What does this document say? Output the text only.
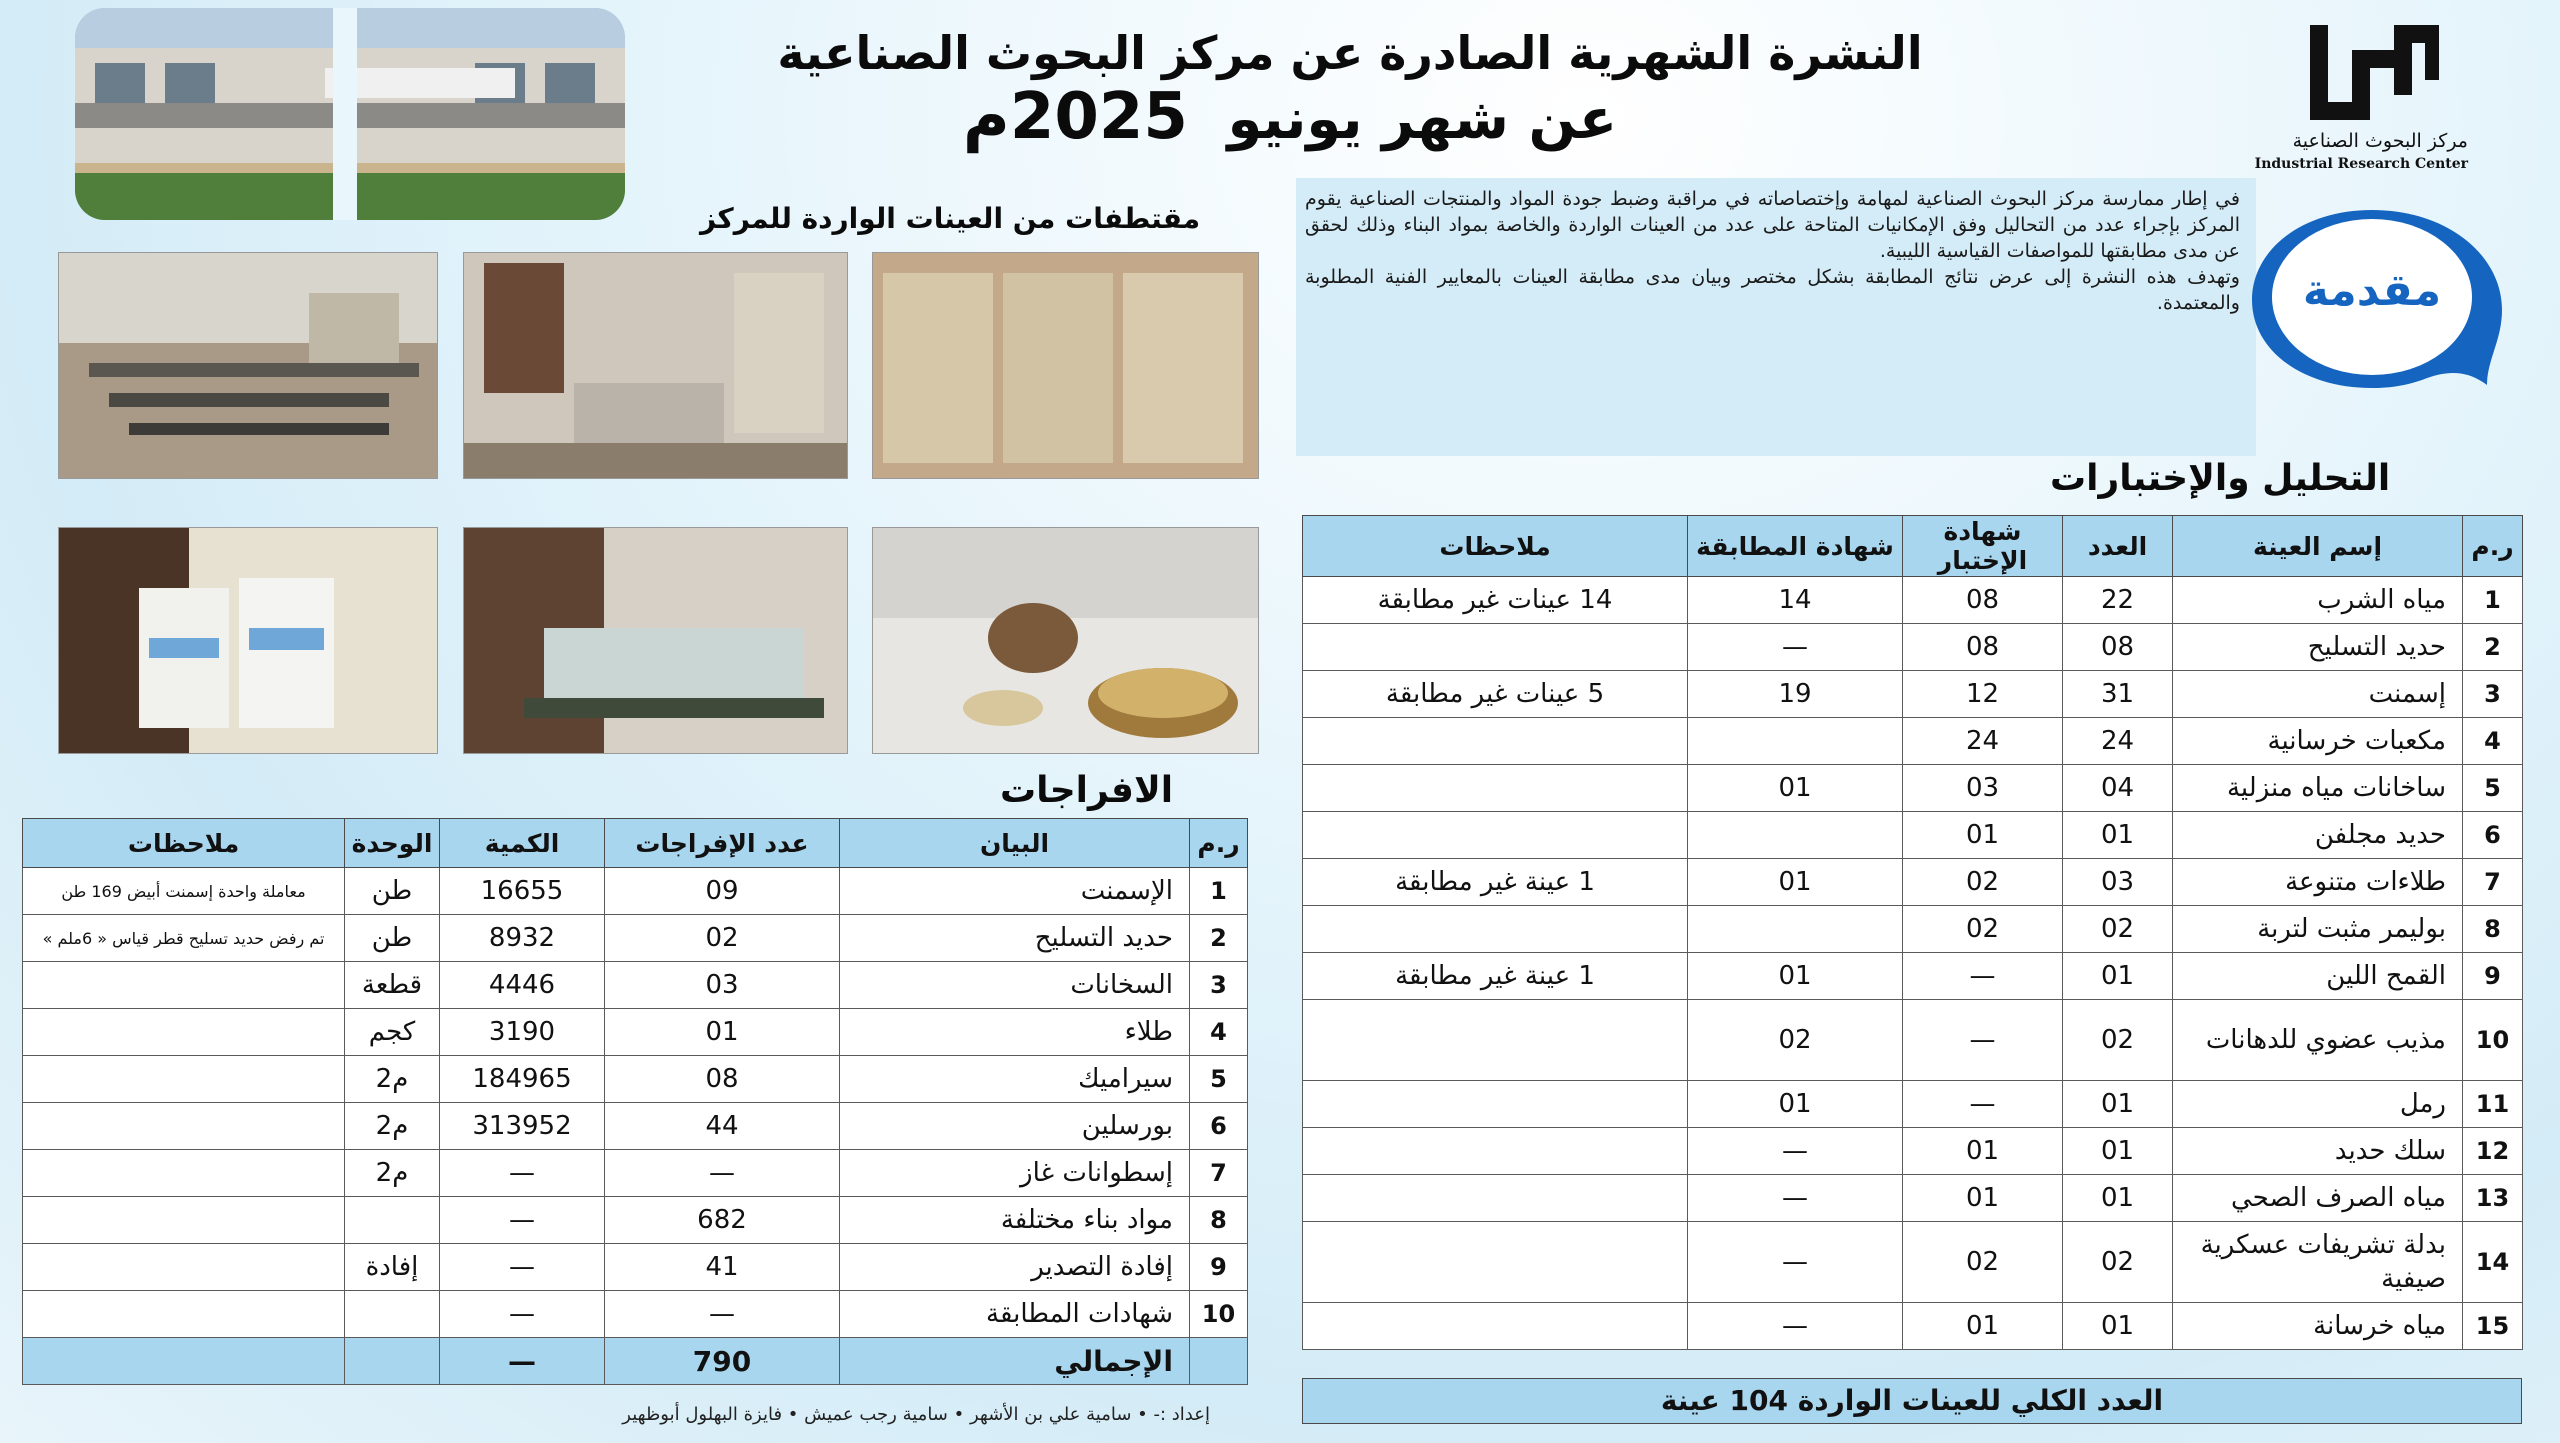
مركز البحوث الصناعية
Industrial Research Center
النشرة الشهرية الصادرة عن مركز البحوث الصناعية
عن شهر يونيو 2025م
مقتطفات من العينات الواردة للمركز
في إطار ممارسة مركز البحوث الصناعية لمهامة وإختصاصاته في مراقبة وضبط جودة المواد والمنتجات الصناعية يقوم المركز بإجراء عدد من التحاليل وفق الإمكانيات المتاحة على عدد من العينات الواردة والخاصة بمواد البناء وذلك لحقق عن مدى مطابقتها للمواصفات القياسية الليبية.
وتهدف هذه النشرة إلى عرض نتائج المطابقة بشكل مختصر وبيان مدى مطابقة العينات بالمعايير الفنية المطلوبة والمعتمدة.	مقدمة
التحليل والإختبارات
ر.م	إسم العينة	العدد	شهادة الإختبار	شهادة المطابقة	ملاحظات
1	مياه الشرب	22	08	14	14 عينات غير مطابقة
2	حديد التسليح	08	08	—	
3	إسمنت	31	12	19	5 عينات غير مطابقة
4	مكعبات خرسانية	24	24		
5	ساخانات مياه منزلية	04	03	01	
6	حديد مجلفن	01	01		
7	طلاءات متنوعة	03	02	01	1 عينة غير مطابقة
8	بوليمر مثبت لتربة	02	02		
9	القمح اللين	01	—	01	1 عينة غير مطابقة
10	مذيب عضوي للدهانات	02	—	02	
11	رمل	01	—	01	
12	سلك حديد	01	01	—	
13	مياه الصرف الصحي	01	01	—	
14	بدلة تشريفات عسكرية صيفية	02	02	—	
15	مياه خرسانة	01	01	—	
العدد الكلي للعينات الواردة 104 عينة
الافراجات
ر.م	البيان	عدد الإفراجات	الكمية	الوحدة	ملاحظات
1	الإسمنت	09	16655	طن	معاملة واحدة إسمنت أبيض 169 طن
2	حديد التسليح	02	8932	طن	تم رفض حديد تسليح قطر قياس « 6ملم »
3	السخانات	03	4446	قطعة	
4	طلاء	01	3190	كجم	
5	سيراميك	08	184965	م2	
6	بورسلين	44	313952	م2	
7	إسطوانات غاز	—	—	م2	
8	مواد بناء مختلفة	682	—		
9	إفادة التصدير	41	—	إفادة	
10	شهادات المطابقة	—	—		
	الإجمالي	790	—		
إعداد :- • سامية علي بن الأشهر • سامية رجب عميش • فايزة البهلول أبوظهير
